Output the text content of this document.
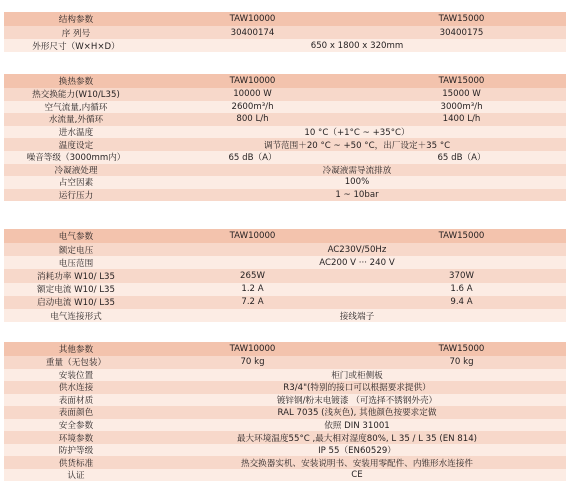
结构参数	TAW10000	TAW15000
序 列号	30400174	30400175
外形尺寸（W×H×D）	650 x 1800 x 320mm
换热参数	TAW10000	TAW15000
热交换能力(W10/L35)	10000 W	15000 W
空气流量,内循环	2600m³/h	3000m³/h
水流量,外循环	800 L/h	1400 L/h
进水温度	10 °C（+1°C ~ +35°C）
温度设定	调节范围＋20 °C ~ +50 °C，出厂设定＋35 °C
噪音等级（3000mm内）	65 dB（A）	65 dB（A）
冷凝液处理	冷凝液需导流排放
占空因素	100%
运行压力	1 ~ 10bar
电气参数	TAW10000	TAW15000
额定电压	AC230V/50Hz
电压范围	AC200 V ··· 240 V
消耗功率 W10/ L35	265W	370W
额定电流 W10/ L35	1.2 A	1.6 A
启动电流 W10/ L35	7.2 A	9.4 A
电气连接形式	接线端子
其他参数	TAW10000	TAW15000
重量（无包装）	70 kg	70 kg
安装位置	柜门或柜侧板
供水连接	R3/4"(特别的接口可以根据要求提供）
表面材质	镀锌钢/粉末电镀漆 （可选择不锈钢外壳）
表面颜色	RAL 7035 (浅灰色), 其他颜色按要求定做
安全参数	依照 DIN 31001
环境参数	最大环境温度55°C ,最大相对湿度80%, L 35 / L 35 (EN 814)
防护等级	IP 55（EN60529）
供货标准	热交换器实机、安装说明书、安装用零配件、内锥形水连接件
认证	CE
